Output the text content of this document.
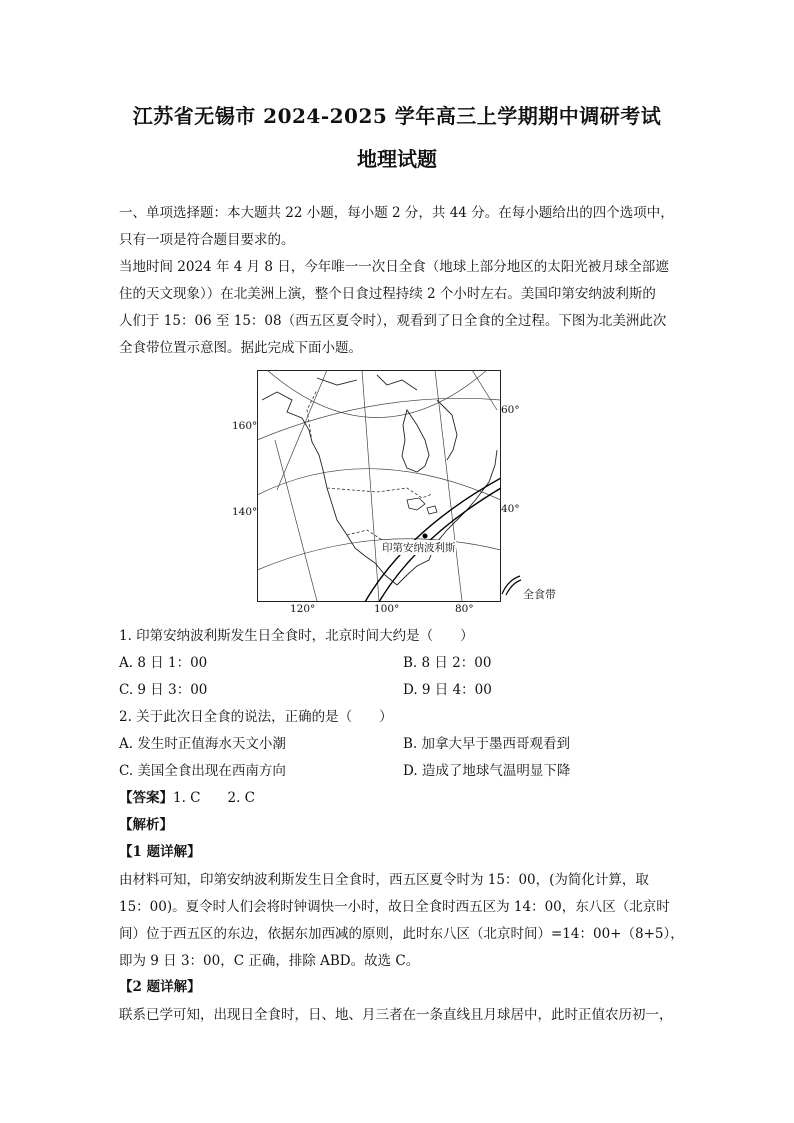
江苏省无锡市 2024-2025 学年高三上学期期中调研考试
地理试题
一、单项选择题：本大题共 22 小题，每小题 2 分，共 44 分。在每小题给出的四个选项中，
只有一项是符合题目要求的。
当地时间 2024 年 4 月 8 日，今年唯一一次日全食（地球上部分地区的太阳光被月球全部遮
住的天文现象））在北美洲上演，整个日食过程持续 2 个小时左右。美国印第安纳波利斯的
人们于 15：06 至 15：08（西五区夏令时），观看到了日全食的全过程。下图为北美洲此次
全食带位置示意图。据此完成下面小题。
60°
40°
160°
140°
120°	100°	80°
印第安纳波利斯
全食带
1. 印第安纳波利斯发生日全食时，北京时间大约是（　　）
A. 8 日 1：00	B. 8 日 2：00
C. 9 日 3：00	D. 9 日 4：00
2. 关于此次日全食的说法，正确的是（　　）
A. 发生时正值海水天文小潮	B. 加拿大早于墨西哥观看到
C. 美国全食出现在西南方向	D. 造成了地球气温明显下降
【答案】1. C　　2. C
【解析】
【1 题详解】
由材料可知，印第安纳波利斯发生日全食时，西五区夏令时为 15：00，(为简化计算，取
15：00)。夏令时人们会将时钟调快一小时，故日全食时西五区为 14：00，东八区（北京时
间）位于西五区的东边，依据东加西减的原则，此时东八区（北京时间）=14：00+（8+5），
即为 9 日 3：00，C 正确，排除 ABD。故选 C。
【2 题详解】
联系已学可知，出现日全食时，日、地、月三者在一条直线且月球居中，此时正值农历初一，
